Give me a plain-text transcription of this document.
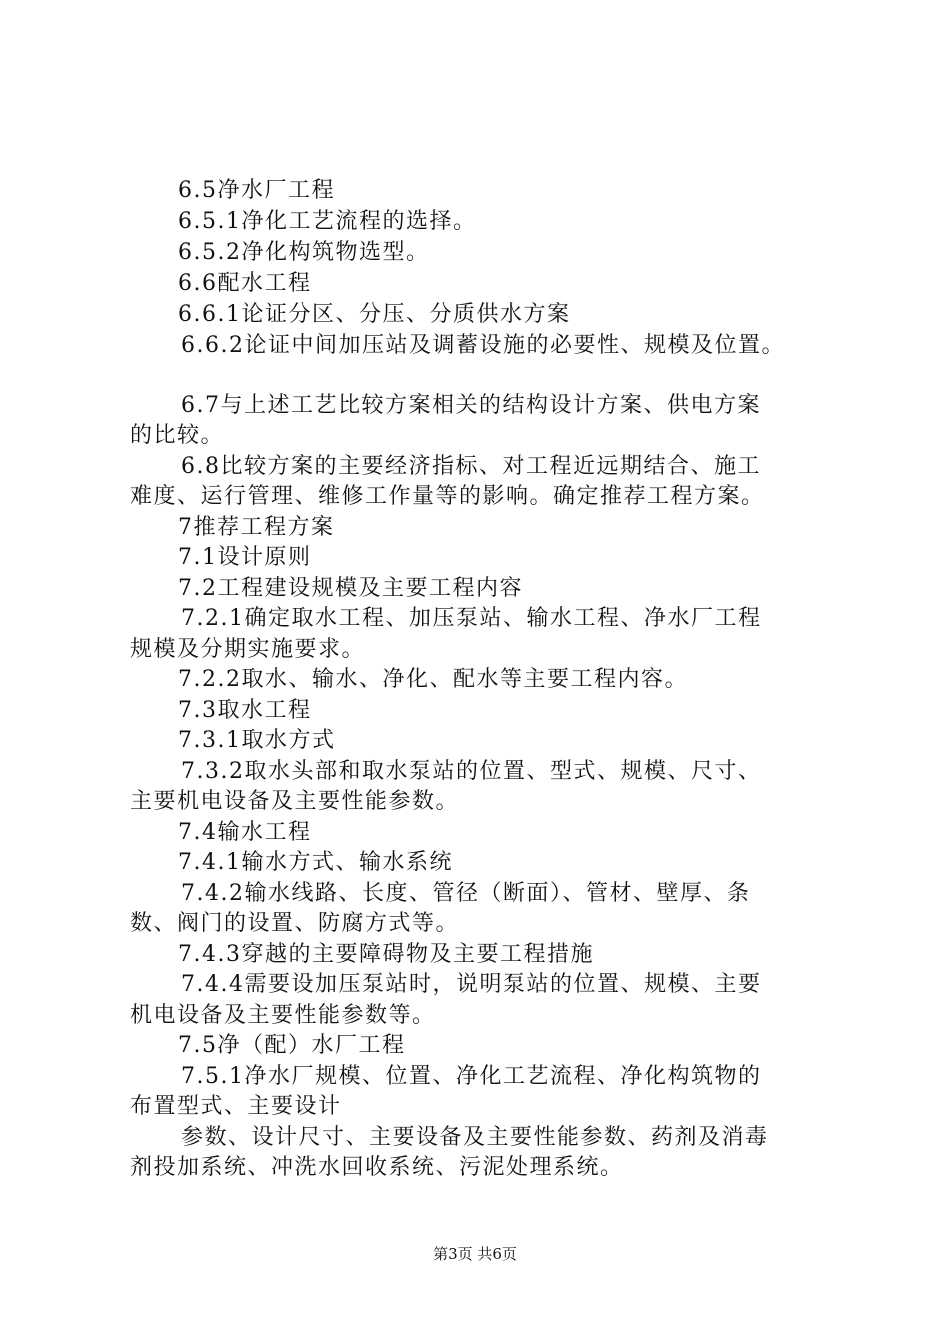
6.5净水厂工程
6.5.1净化工艺流程的选择。
6.5.2净化构筑物选型。
6.6配水工程
6.6.1论证分区、分压、分质供水方案
6.6.2论证中间加压站及调蓄设施的必要性、规模及位置。
6.7与上述工艺比较方案相关的结构设计方案、供电方案
的比较。
6.8比较方案的主要经济指标、对工程近远期结合、施工
难度、运行管理、维修工作量等的影响。确定推荐工程方案。
7推荐工程方案
7.1设计原则
7.2工程建设规模及主要工程内容
7.2.1确定取水工程、加压泵站、输水工程、净水厂工程
规模及分期实施要求。
7.2.2取水、输水、净化、配水等主要工程内容。
7.3取水工程
7.3.1取水方式
7.3.2取水头部和取水泵站的位置、型式、规模、尺寸、
主要机电设备及主要性能参数。
7.4输水工程
7.4.1输水方式、输水系统
7.4.2输水线路、长度、管径（断面）、管材、壁厚、条
数、阀门的设置、防腐方式等。
7.4.3穿越的主要障碍物及主要工程措施
7.4.4需要设加压泵站时，说明泵站的位置、规模、主要
机电设备及主要性能参数等。
7.5净（配）水厂工程
7.5.1净水厂规模、位置、净化工艺流程、净化构筑物的
布置型式、主要设计
参数、设计尺寸、主要设备及主要性能参数、药剂及消毒
剂投加系统、冲洗水回收系统、污泥处理系统。
第3页 共6页
